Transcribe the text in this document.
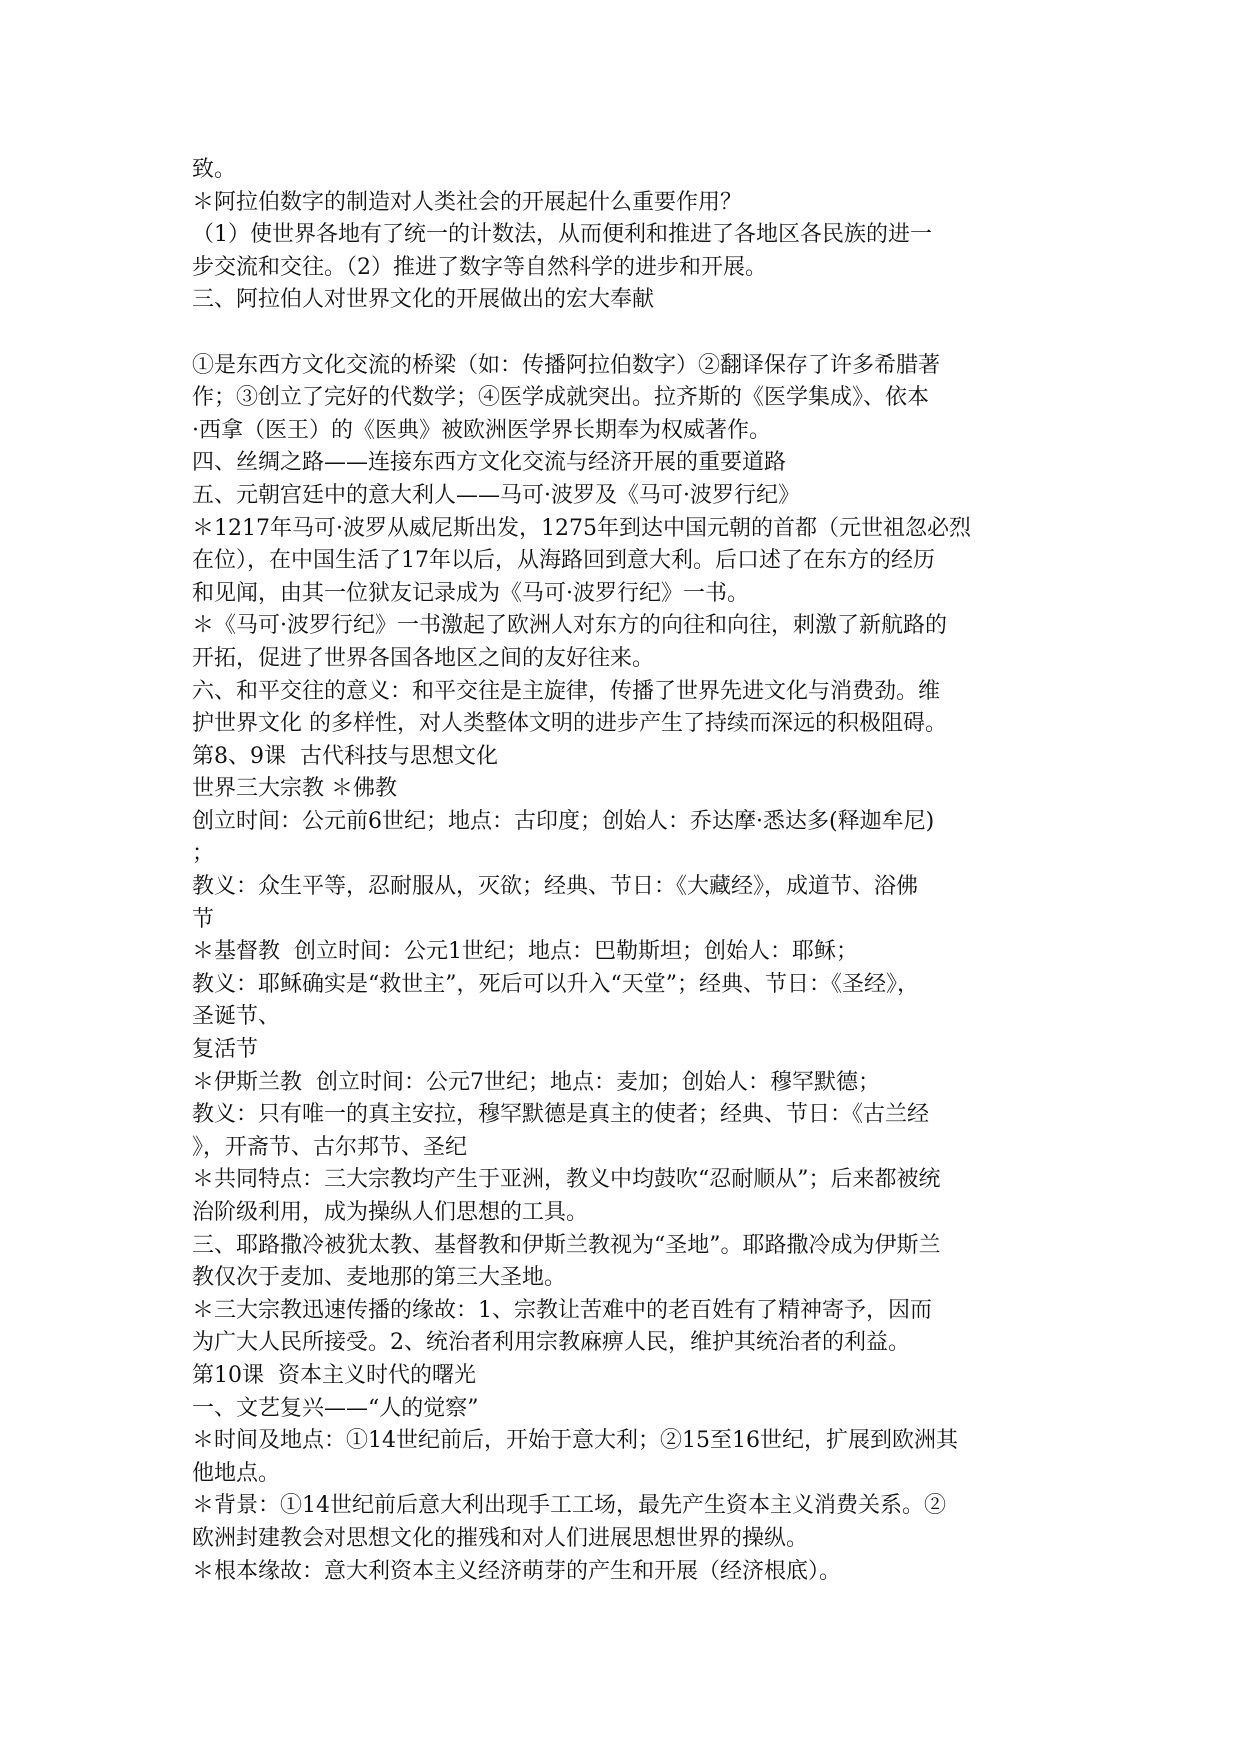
致。
＊阿拉伯数字的制造对人类社会的开展起什么重要作用？
（1）使世界各地有了统一的计数法，从而便利和推进了各地区各民族的进一
步交流和交往。（2）推进了数字等自然科学的进步和开展。
三、阿拉伯人对世界文化的开展做出的宏大奉献
①是东西方文化交流的桥梁（如：传播阿拉伯数字）②翻译保存了许多希腊著
作；③创立了完好的代数学；④医学成就突出。拉齐斯的《医学集成》、依本
·西拿（医王）的《医典》被欧洲医学界长期奉为权威著作。
四、丝绸之路——连接东西方文化交流与经济开展的重要道路
五、元朝宫廷中的意大利人——马可·波罗及《马可·波罗行纪》
＊1217年马可·波罗从威尼斯出发，1275年到达中国元朝的首都（元世祖忽必烈
在位），在中国生活了17年以后，从海路回到意大利。后口述了在东方的经历
和见闻，由其一位狱友记录成为《马可·波罗行纪》一书。
＊《马可·波罗行纪》一书激起了欧洲人对东方的向往和向往，刺激了新航路的
开拓，促进了世界各国各地区之间的友好往来。
六、和平交往的意义：和平交往是主旋律，传播了世界先进文化与消费劲。维
护世界文化 的多样性，对人类整体文明的进步产生了持续而深远的积极阻碍。
第8、9课  古代科技与思想文化
世界三大宗教 ＊佛教
创立时间：公元前6世纪；地点：古印度；创始人：乔达摩·悉达多(释迦牟尼)
；
教义：众生平等，忍耐服从，灭欲；经典、节日：《大藏经》，成道节、浴佛
节
＊基督教  创立时间：公元1世纪；地点：巴勒斯坦；创始人：耶稣；
教义：耶稣确实是“救世主”，死后可以升入“天堂”；经典、节日：《圣经》，
圣诞节、
复活节
＊伊斯兰教  创立时间：公元7世纪；地点：麦加；创始人：穆罕默德；
教义：只有唯一的真主安拉，穆罕默德是真主的使者；经典、节日：《古兰经
》，开斋节、古尔邦节、圣纪
＊共同特点：三大宗教均产生于亚洲，教义中均鼓吹“忍耐顺从”；后来都被统
治阶级利用，成为操纵人们思想的工具。
三、耶路撒冷被犹太教、基督教和伊斯兰教视为“圣地”。耶路撒冷成为伊斯兰
教仅次于麦加、麦地那的第三大圣地。
＊三大宗教迅速传播的缘故：1、宗教让苦难中的老百姓有了精神寄予，因而
为广大人民所接受。2、统治者利用宗教麻痹人民，维护其统治者的利益。
第10课  资本主义时代的曙光
一、文艺复兴——“人的觉察”
＊时间及地点：①14世纪前后，开始于意大利；②15至16世纪，扩展到欧洲其
他地点。
＊背景：①14世纪前后意大利出现手工工场，最先产生资本主义消费关系。②
欧洲封建教会对思想文化的摧残和对人们进展思想世界的操纵。
＊根本缘故：意大利资本主义经济萌芽的产生和开展（经济根底）。
